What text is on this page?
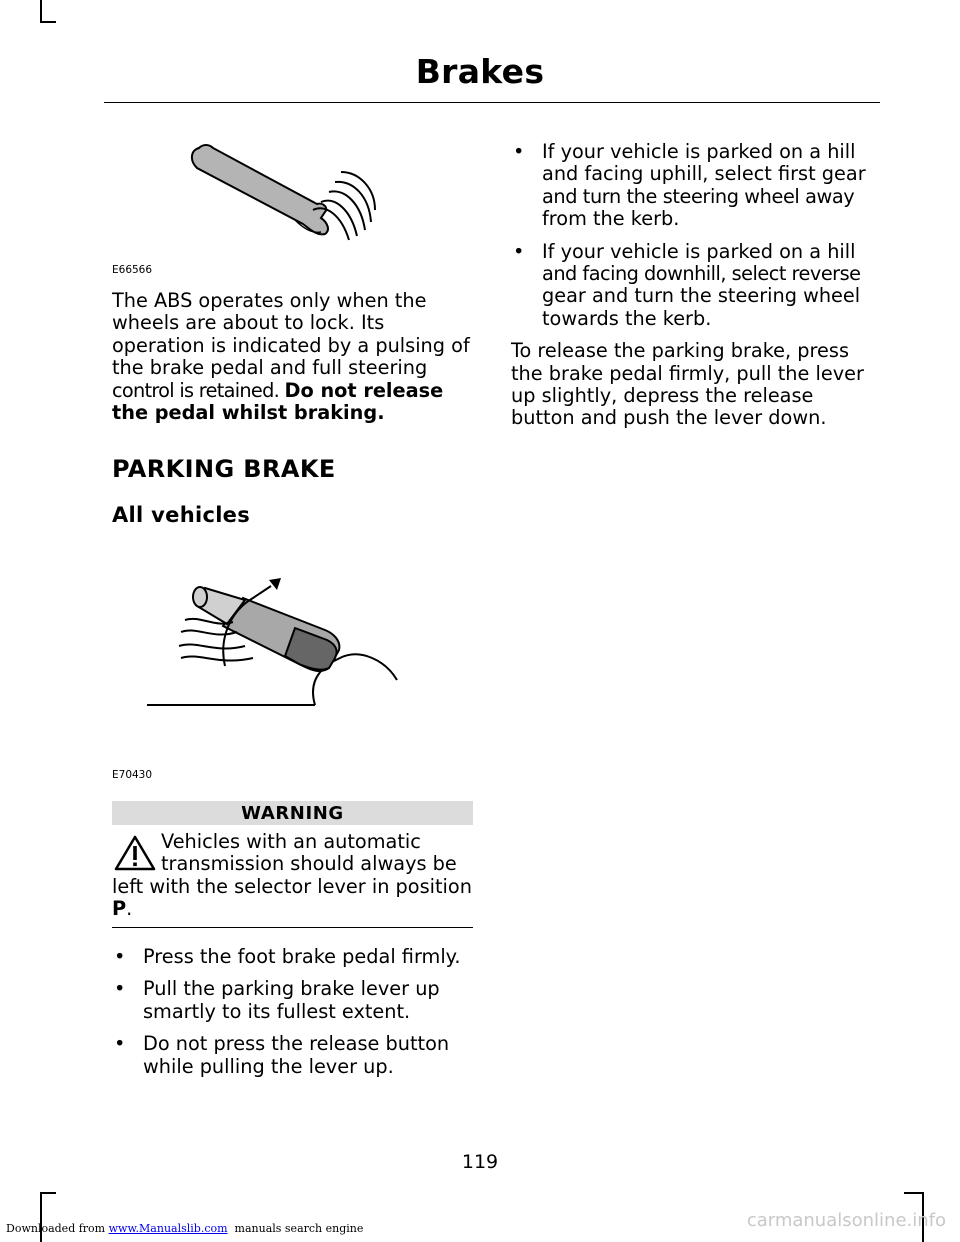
Brakes
E66566
The ABS operates only when the
wheels are about to lock. Its
operation is indicated by a pulsing of
the brake pedal and full steering
control is retained. Do not release
the pedal whilst braking.
PARKING BRAKE
All vehicles
E70430
WARNING
Vehicles with an automatic
transmission should always be
left with the selector lever in position
P.
• Press the foot brake pedal firmly.
• Pull the parking brake lever up
smartly to its fullest extent.
• Do not press the release button
while pulling the lever up.
• If your vehicle is parked on a hill
and facing uphill, select first gear
and turn the steering wheel away
from the kerb.
• If your vehicle is parked on a hill
and facing downhill, select reverse
gear and turn the steering wheel
towards the kerb.
To release the parking brake, press
the brake pedal firmly, pull the lever
up slightly, depress the release
button and push the lever down.
119
Downloaded from www.Manualslib.com  manuals search engine	carmanualsonline.info
